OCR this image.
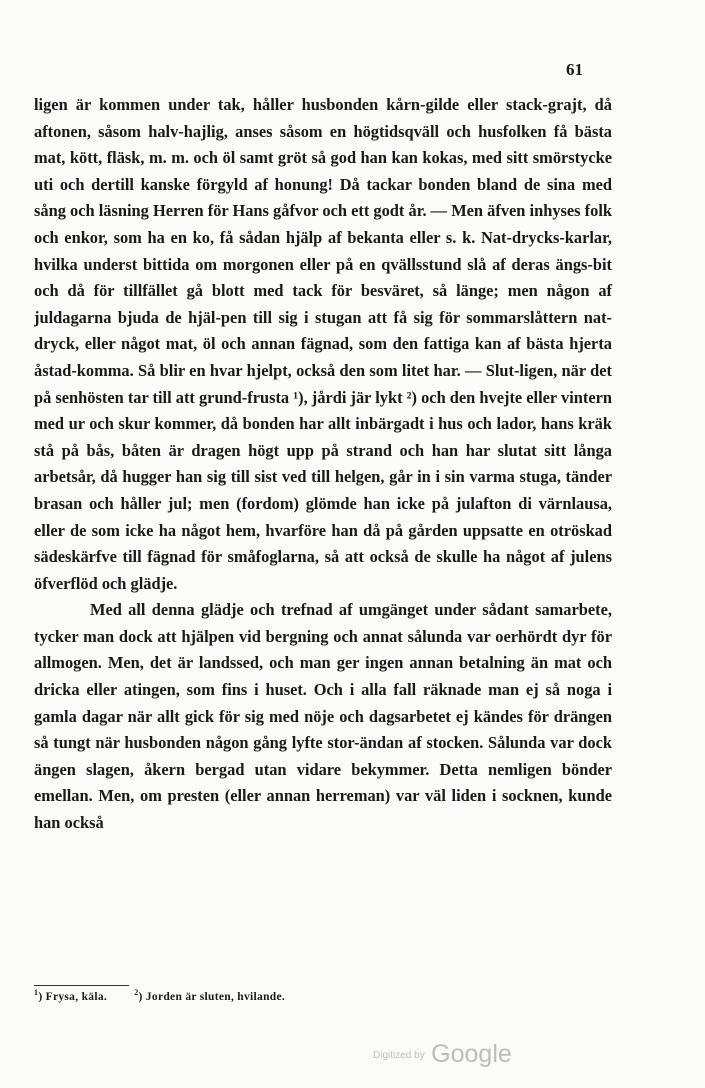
61

ligen är kommen under tak, håller husbonden kårn-gilde eller stack-grajt, då aftonen, såsom halv-hajlig, anses såsom en högtidsqväll och husfolken få bästa mat, kött, fläsk, m. m. och öl samt gröt så god han kan kokas, med sitt smörstycke uti och dertill kanske förgyld af honung! Då tackar bonden bland de sina med sång och läsning Herren för Hans gåfvor och ett godt år. — Men äfven inhyses folk och enkor, som ha en ko, få sådan hjälp af bekanta eller s. k. Nat-drycks-karlar, hvilka underst bittida om morgonen eller på en qvällsstund slå af deras ängs-bit och då för tillfället gå blott med tack för besväret, så länge; men någon af juldagarna bjuda de hjäl-pen till sig i stugan att få sig för sommarslåttern nat-dryck, eller något mat, öl och annan fägnad, som den fattiga kan af bästa hjerta åstad-komma. Så blir en hvar hjelpt, också den som litet har. — Slut-ligen, när det på senhösten tar till att grund-frusta ¹), jårdi jär lykt ²) och den hvejte eller vintern med ur och skur kommer, då bonden har allt inbärgadt i hus och lador, hans kräk stå på bås, båten är dragen högt upp på strand och han har slutat sitt långa arbetsår, då hugger han sig till sist ved till helgen, går in i sin varma stuga, tänder brasan och håller jul; men (fordom) glömde han icke på julafton di värnlausa, eller de som icke ha något hem, hvarföre han då på gården uppsatte en otröskad sädeskärfve till fägnad för småfoglarna, så att också de skulle ha något af julens öfverflöd och glädje.

Med all denna glädje och trefnad af umgänget under sådant samarbete, tycker man dock att hjälpen vid bergning och annat sålunda var oerhördt dyr för allmogen. Men, det är landssed, och man ger ingen annan betalning än mat och dricka eller atingen, som fins i huset. Och i alla fall räknade man ej så noga i gamla dagar när allt gick för sig med nöje och dagsarbetet ej kändes för drängen så tungt när husbonden någon gång lyfte stor-ändan af stocken. Sålunda var dock ängen slagen, åkern bergad utan vidare bekymmer. Detta nemligen bönder emellan. Men, om presten (eller annan herreman) var väl liden i socknen, kunde han också

$^1$) Frysa, käla.	$^2$) Jorden är sluten, hvilande.
Digitized by Google
